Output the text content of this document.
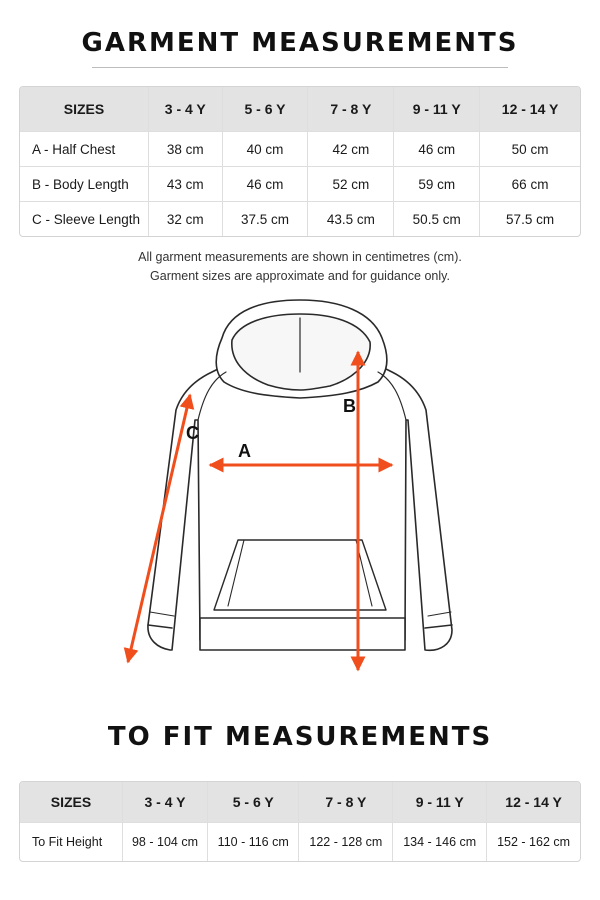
GARMENT MEASUREMENTS
SIZES	3 - 4 Y	5 - 6 Y	7 - 8 Y	9 - 11 Y	12 - 14 Y
A - Half Chest	38 cm	40 cm	42 cm	46 cm	50 cm
B - Body Length	43 cm	46 cm	52 cm	59 cm	66 cm
C - Sleeve Length	32 cm	37.5 cm	43.5 cm	50.5 cm	57.5 cm
All garment measurements are shown in centimetres (cm).
Garment sizes are approximate and for guidance only.
A
B
C
TO FIT MEASUREMENTS
SIZES	3 - 4 Y	5 - 6 Y	7 - 8 Y	9 - 11 Y	12 - 14 Y
To Fit Height	98 - 104 cm	110 - 116 cm	122 - 128 cm	134 - 146 cm	152 - 162 cm
